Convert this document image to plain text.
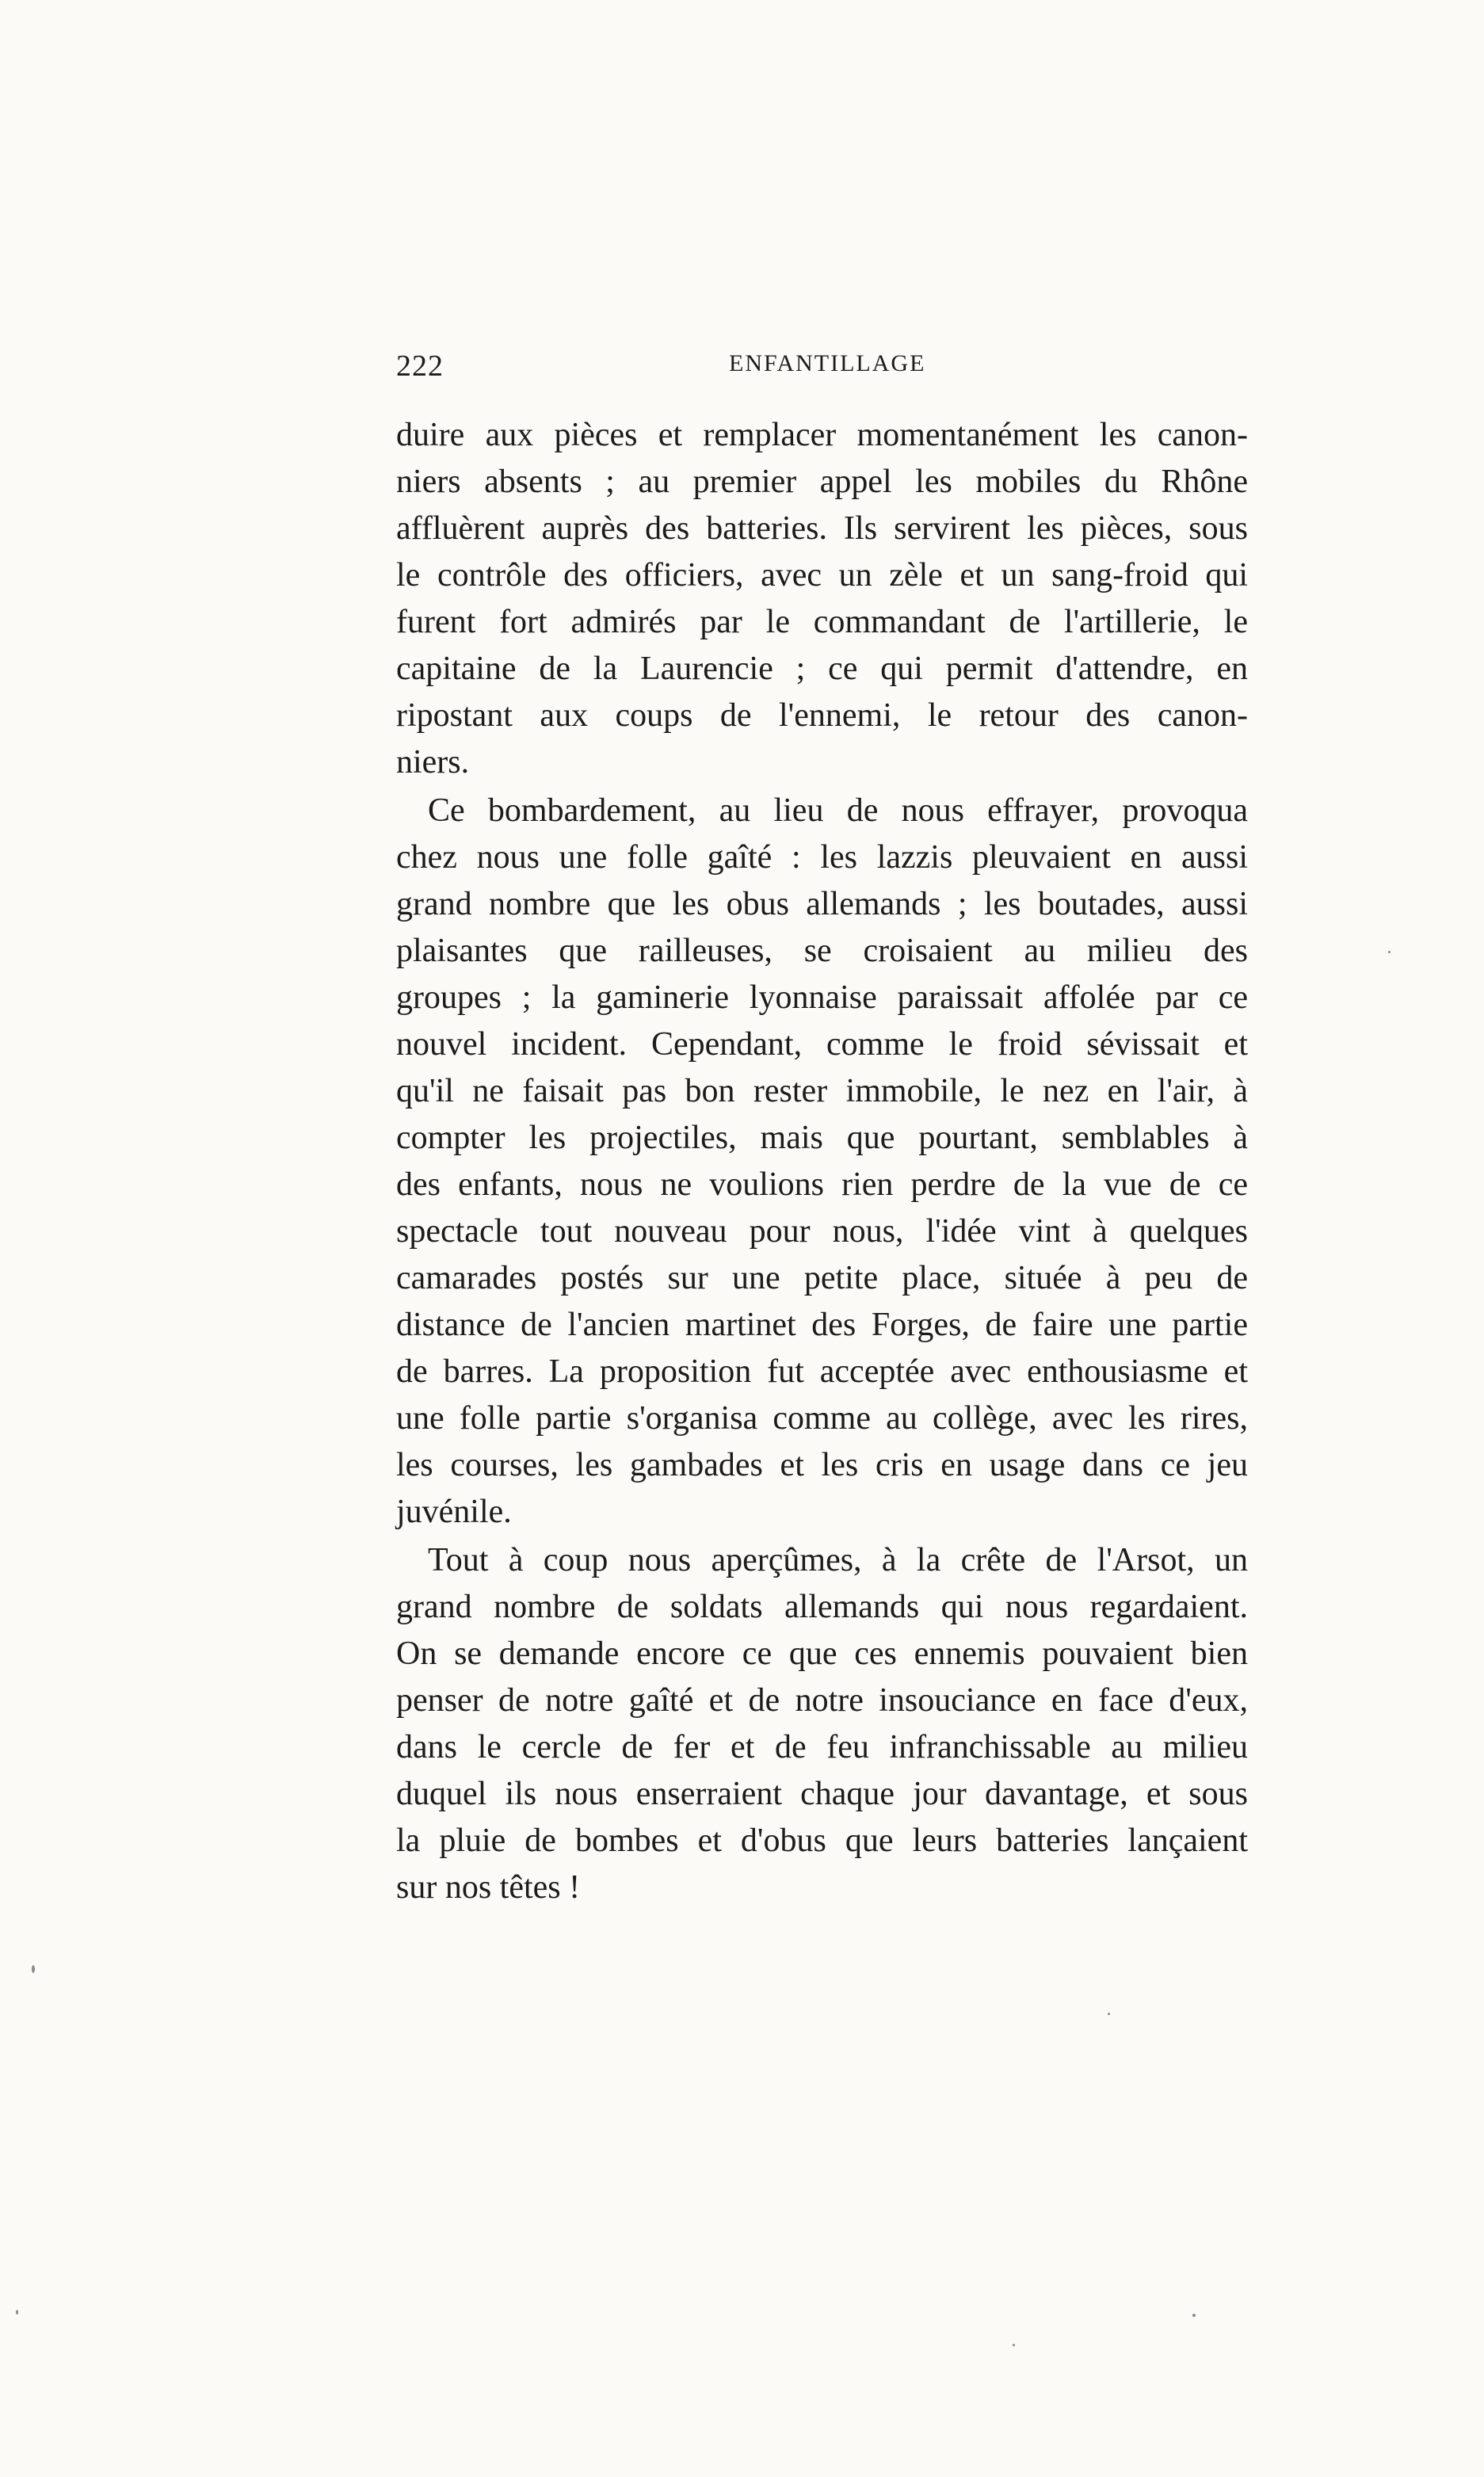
222	ENFANTILLAGE
duire aux pièces et remplacer momentanément les canon-
niers absents ; au premier appel les mobiles du Rhône
affluèrent auprès des batteries. Ils servirent les pièces, sous
le contrôle des officiers, avec un zèle et un sang-froid qui
furent fort admirés par le commandant de l'artillerie, le
capitaine de la Laurencie ; ce qui permit d'attendre, en
ripostant aux coups de l'ennemi, le retour des canon-
niers.
Ce bombardement, au lieu de nous effrayer, provoqua
chez nous une folle gaîté : les lazzis pleuvaient en aussi
grand nombre que les obus allemands ; les boutades, aussi
plaisantes que railleuses, se croisaient au milieu des
groupes ; la gaminerie lyonnaise paraissait affolée par ce
nouvel incident. Cependant, comme le froid sévissait et
qu'il ne faisait pas bon rester immobile, le nez en l'air, à
compter les projectiles, mais que pourtant, semblables à
des enfants, nous ne voulions rien perdre de la vue de ce
spectacle tout nouveau pour nous, l'idée vint à quelques
camarades postés sur une petite place, située à peu de
distance de l'ancien martinet des Forges, de faire une partie
de barres. La proposition fut acceptée avec enthousiasme et
une folle partie s'organisa comme au collège, avec les rires,
les courses, les gambades et les cris en usage dans ce jeu
juvénile.
Tout à coup nous aperçûmes, à la crête de l'Arsot, un
grand nombre de soldats allemands qui nous regardaient.
On se demande encore ce que ces ennemis pouvaient bien
penser de notre gaîté et de notre insouciance en face d'eux,
dans le cercle de fer et de feu infranchissable au milieu
duquel ils nous enserraient chaque jour davantage, et sous
la pluie de bombes et d'obus que leurs batteries lançaient
sur nos têtes !
